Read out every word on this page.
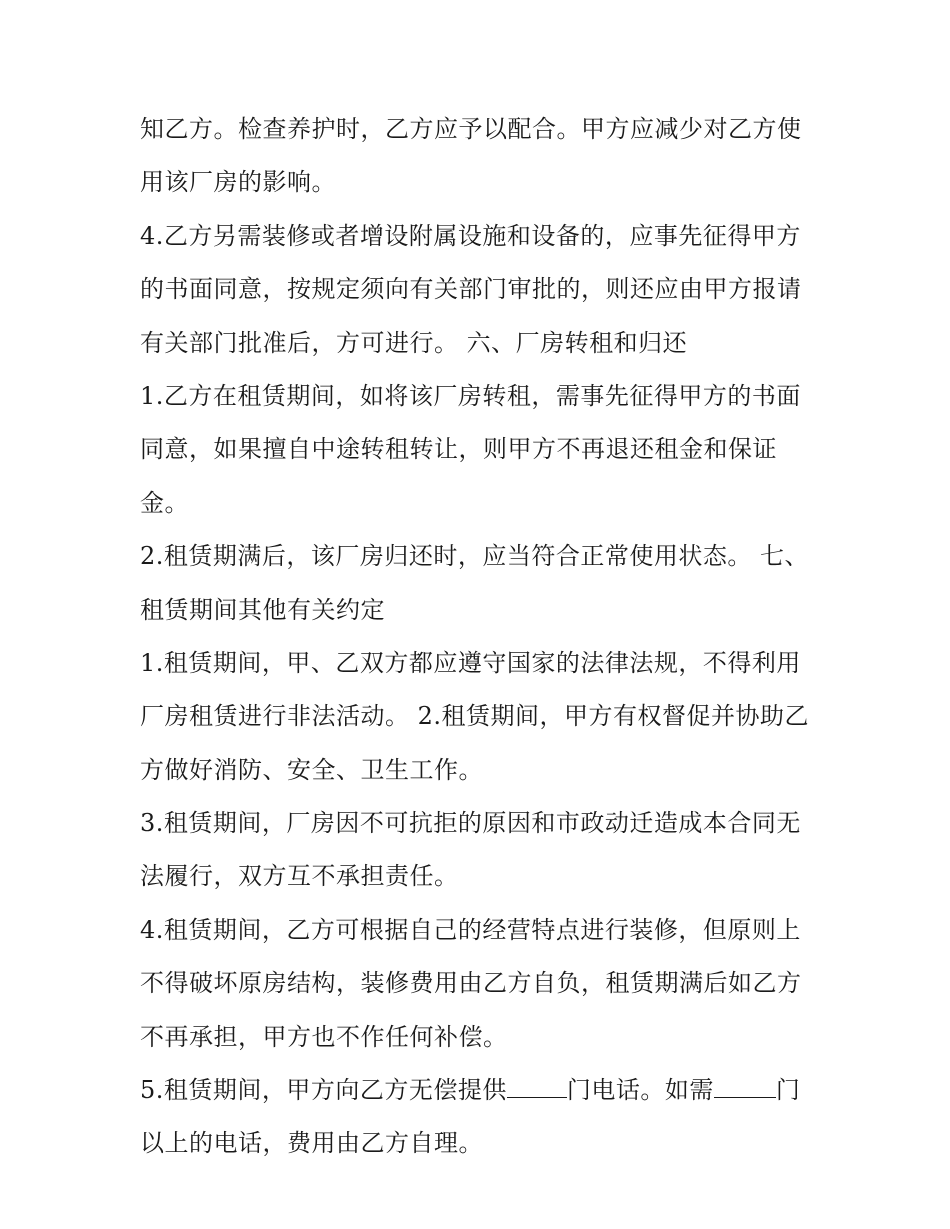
知乙方。检查养护时，乙方应予以配合。甲方应减少对乙方使
用该厂房的影响。
4.乙方另需装修或者增设附属设施和设备的，应事先征得甲方
的书面同意，按规定须向有关部门审批的，则还应由甲方报请
有关部门批准后，方可进行。 六、厂房转租和归还
1.乙方在租赁期间，如将该厂房转租，需事先征得甲方的书面
同意，如果擅自中途转租转让，则甲方不再退还租金和保证
金。
2.租赁期满后，该厂房归还时，应当符合正常使用状态。 七、
租赁期间其他有关约定
1.租赁期间，甲、乙双方都应遵守国家的法律法规，不得利用
厂房租赁进行非法活动。 2.租赁期间，甲方有权督促并协助乙
方做好消防、安全、卫生工作。
3.租赁期间，厂房因不可抗拒的原因和市政动迁造成本合同无
法履行，双方互不承担责任。
4.租赁期间，乙方可根据自己的经营特点进行装修，但原则上
不得破坏原房结构，装修费用由乙方自负，租赁期满后如乙方
不再承担，甲方也不作任何补偿。
5.租赁期间，甲方向乙方无偿提供	门电话。如需	门
以上的电话，费用由乙方自理。
